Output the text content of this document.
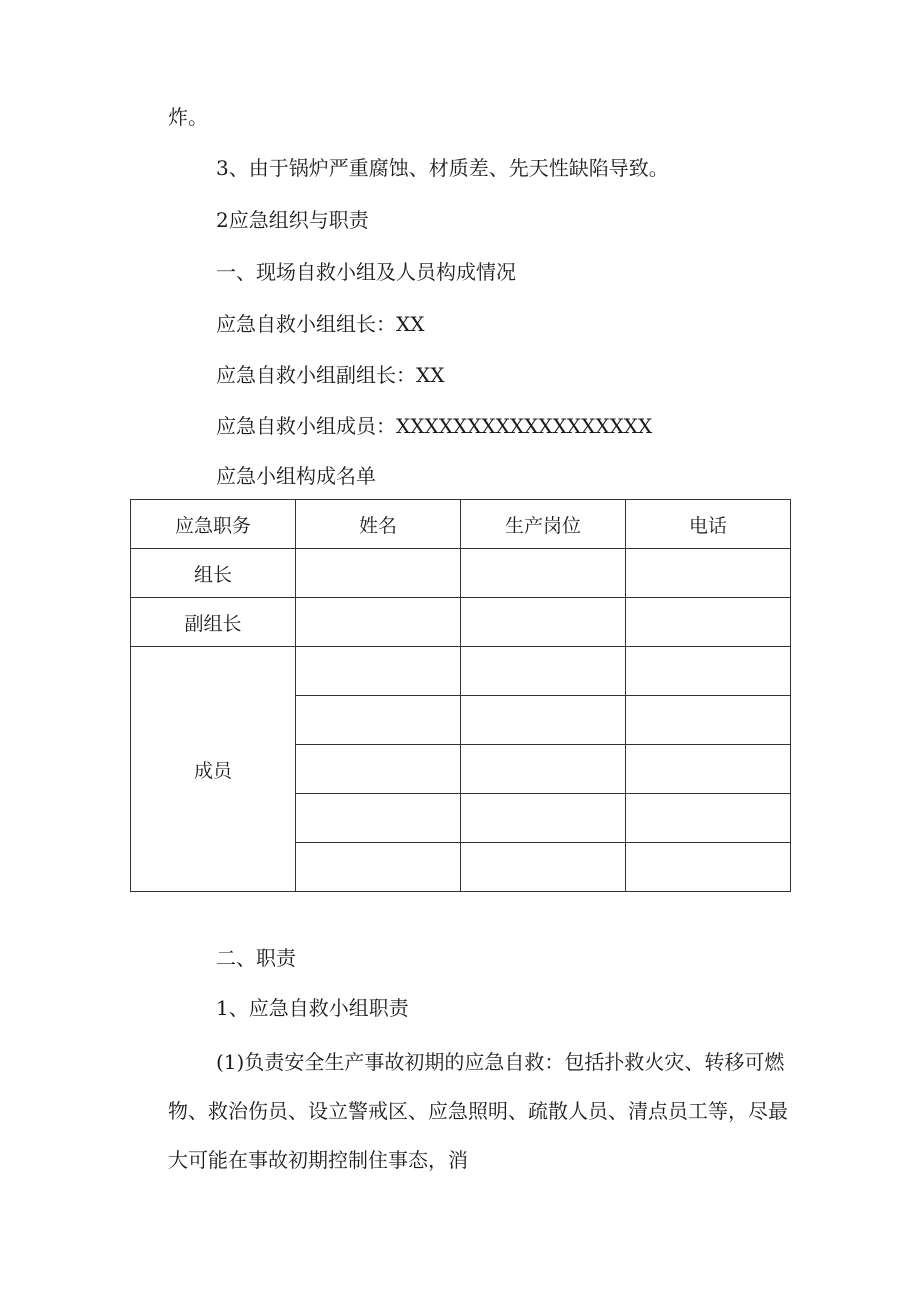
炸。

3、由于锅炉严重腐蚀、材质差、先天性缺陷导致。

2应急组织与职责

一、现场自救小组及人员构成情况

应急自救小组组长：XX

应急自救小组副组长：XX

应急自救小组成员：XXXXXXXXXXXXXXXXXX

应急小组构成名单

应急职务	姓名	生产岗位	电话
组长			
副组长			
成员			

二、职责

1、应急自救小组职责

(1)负责安全生产事故初期的应急自救：包括扑救火灾、转移可燃物、救治伤员、设立警戒区、应急照明、疏散人员、清点员工等，尽最大可能在事故初期控制住事态，消
